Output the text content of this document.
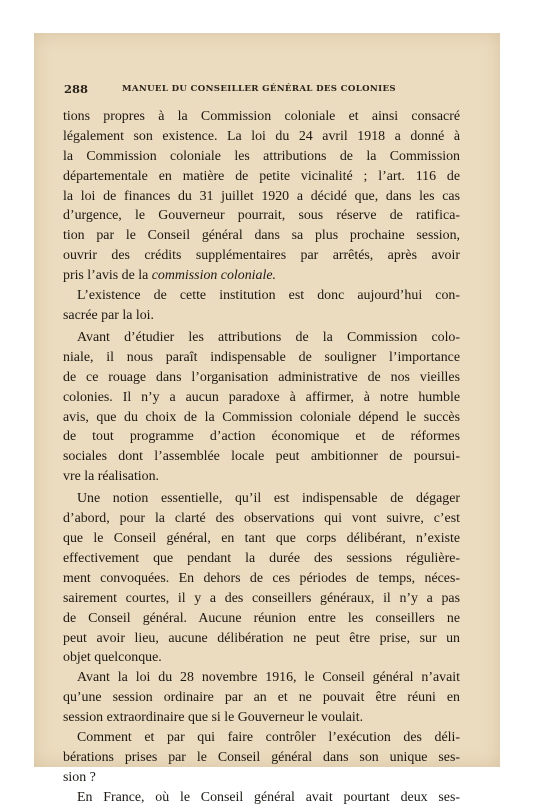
288	MANUEL DU CONSEILLER GÉNÉRAL DES COLONIES
tions propres à la Commission coloniale et ainsi consacré
légalement son existence. La loi du 24 avril 1918 a donné à
la Commission coloniale les attributions de la Commission
départementale en matière de petite vicinalité ; l’art. 116 de
la loi de finances du 31 juillet 1920 a décidé que, dans les cas
d’urgence, le Gouverneur pourrait, sous réserve de ratifica-
tion par le Conseil général dans sa plus prochaine session,
ouvrir des crédits supplémentaires par arrêtés, après avoir
pris l’avis de la commission coloniale.
L’existence de cette institution est donc aujourd’hui con-
sacrée par la loi.
Avant d’étudier les attributions de la Commission colo-
niale, il nous paraît indispensable de souligner l’importance
de ce rouage dans l’organisation administrative de nos vieilles
colonies. Il n’y a aucun paradoxe à affirmer, à notre humble
avis, que du choix de la Commission coloniale dépend le succès
de tout programme d’action économique et de réformes
sociales dont l’assemblée locale peut ambitionner de poursui-
vre la réalisation.
Une notion essentielle, qu’il est indispensable de dégager
d’abord, pour la clarté des observations qui vont suivre, c’est
que le Conseil général, en tant que corps délibérant, n’existe
effectivement que pendant la durée des sessions régulière-
ment convoquées. En dehors de ces périodes de temps, néces-
sairement courtes, il y a des conseillers généraux, il n’y a pas
de Conseil général. Aucune réunion entre les conseillers ne
peut avoir lieu, aucune délibération ne peut être prise, sur un
objet quelconque.
Avant la loi du 28 novembre 1916, le Conseil général n’avait
qu’une session ordinaire par an et ne pouvait être réuni en
session extraordinaire que si le Gouverneur le voulait.
Comment et par qui faire contrôler l’exécution des déli-
bérations prises par le Conseil général dans son unique ses-
sion ?
En France, où le Conseil général avait pourtant deux ses-
